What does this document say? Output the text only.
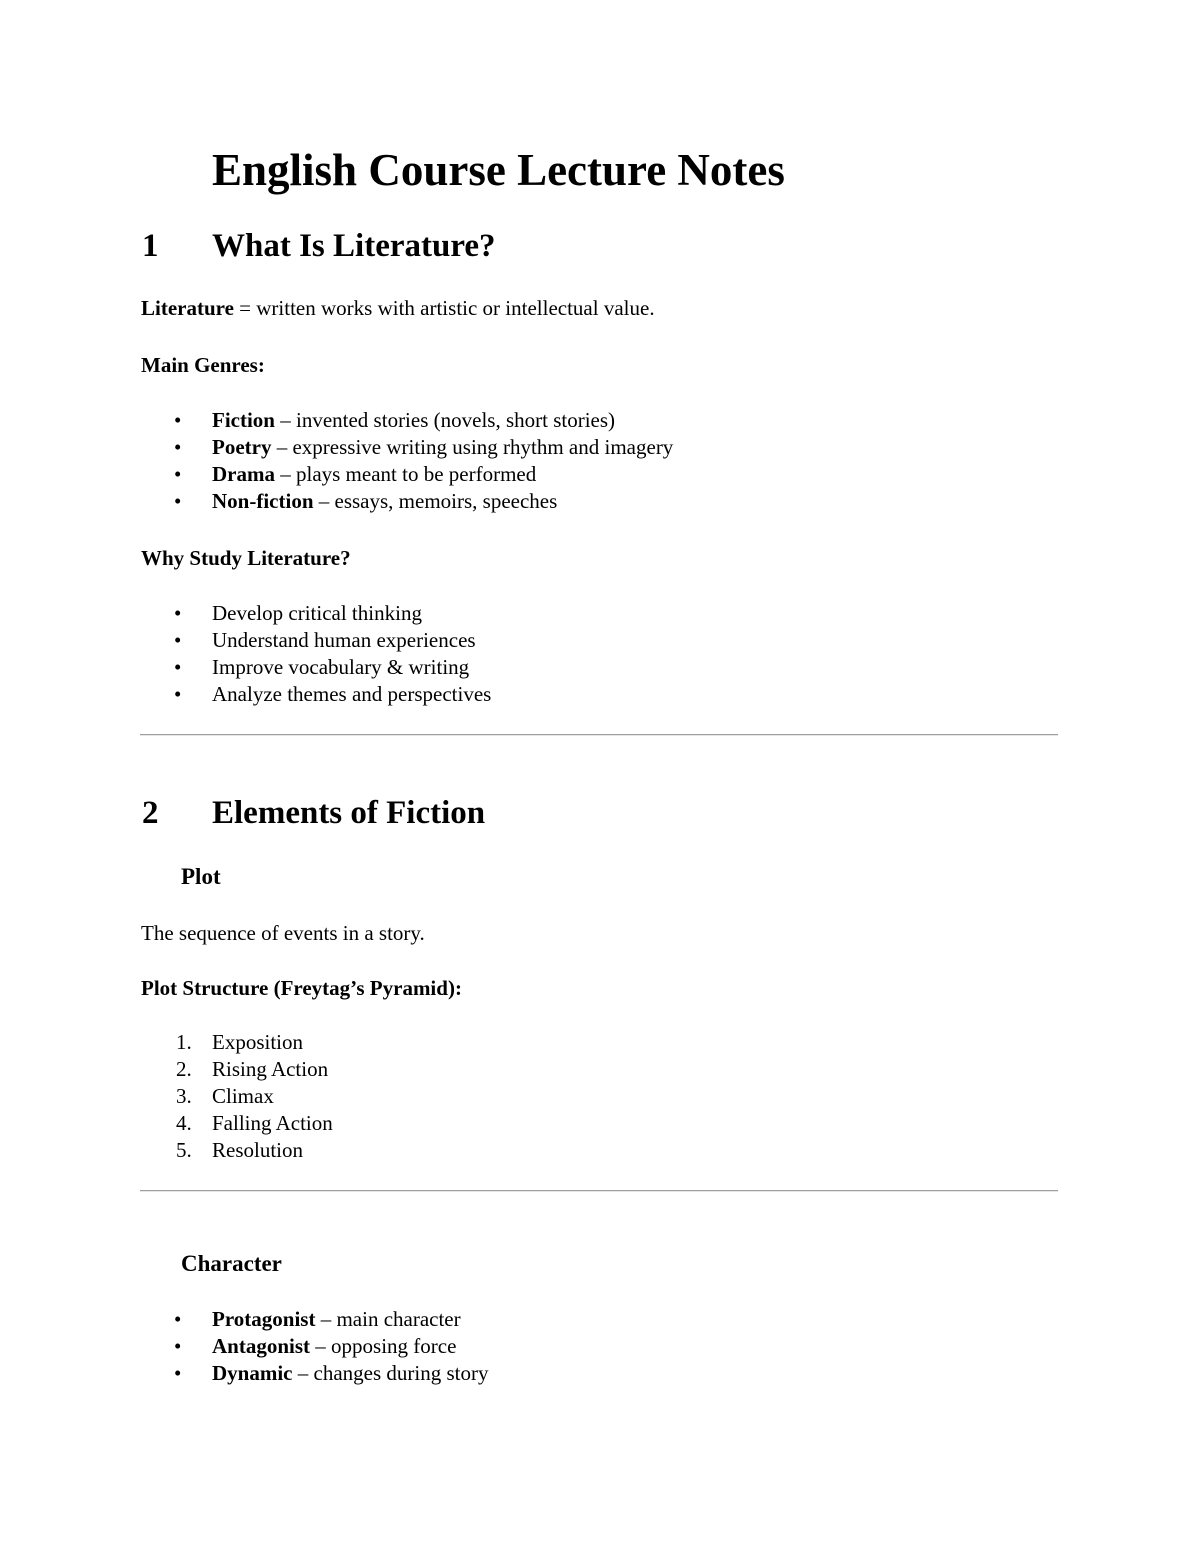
English Course Lecture Notes
1 What Is Literature?
Literature = written works with artistic or intellectual value.
Main Genres:
• Fiction – invented stories (novels, short stories)
• Poetry – expressive writing using rhythm and imagery
• Drama – plays meant to be performed
• Non-fiction – essays, memoirs, speeches
Why Study Literature?
• Develop critical thinking
• Understand human experiences
• Improve vocabulary & writing
• Analyze themes and perspectives
2 Elements of Fiction
Plot
The sequence of events in a story.
Plot Structure (Freytag’s Pyramid):
1. Exposition
2. Rising Action
3. Climax
4. Falling Action
5. Resolution
Character
• Protagonist – main character
• Antagonist – opposing force
• Dynamic – changes during story
